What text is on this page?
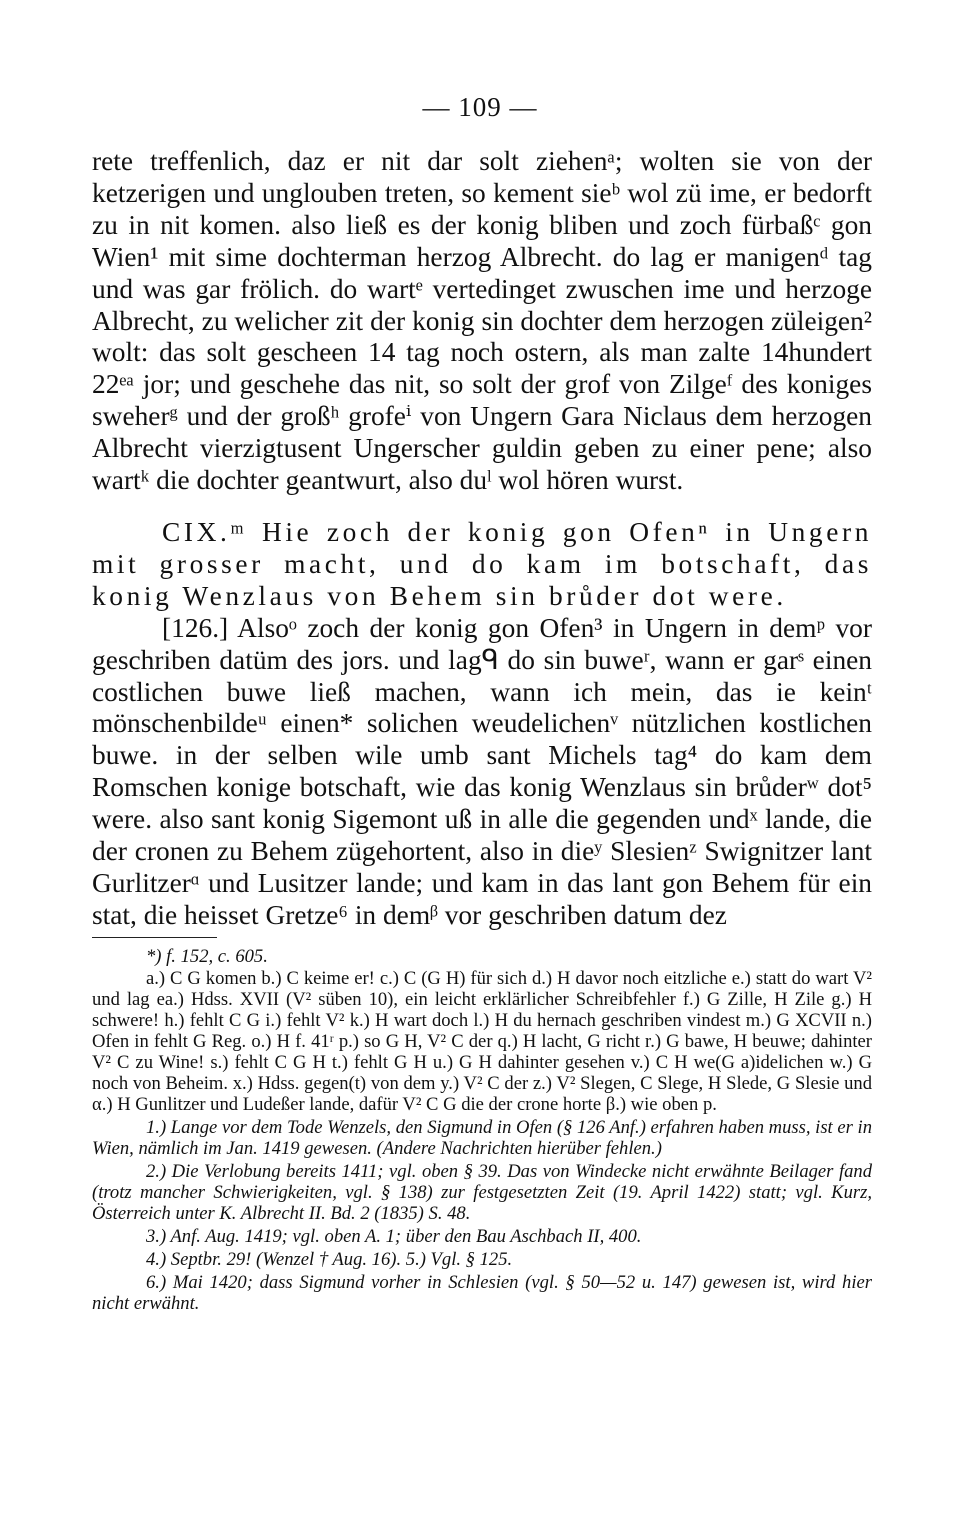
— 109 —

rete treffenlich, daz er nit dar solt ziehenᵃ; wolten sie von der ketzerigen und unglouben treten, so kement sieᵇ wol zü ime, er bedorft zu in nit komen. also ließ es der konig bliben und zoch fürbaßᶜ gon Wien¹ mit sime dochterman herzog Albrecht. do lag er manigenᵈ tag und was gar frölich. do wartᵉ vertedinget zwuschen ime und herzoge Albrecht, zu welicher zit der konig sin dochter dem herzogen züleigen² wolt: das solt gescheen 14 tag noch ostern, als man zalte 14hundert 22ᵉᵃ jor; und geschehe das nit, so solt der grof von Zilgeᶠ des koniges sweherᵍ und der großʰ grofeⁱ von Ungern Gara Niclaus dem herzogen Albrecht vierzigtusent Ungerscher guldin geben zu einer pene; also wartᵏ die dochter geantwurt, also duˡ wol hören wurst.

CIX.ᵐ Hie zoch der konig gon Ofenⁿ in Ungern mit grosser macht, und do kam im botschaft, das konig Wenzlaus von Behem sin brůder dot were.

[126.] Alsoᵒ zoch der konig gon Ofen³ in Ungern in demᵖ vor geschriben datüm des jors. und lagᑫ do sin buweʳ, wann er garˢ einen costlichen buwe ließ machen, wann ich mein, das ie keinᵗ mönschenbildeᵘ einen* solichen weudelichenᵛ nützlichen kostlichen buwe. in der selben wile umb sant Michels tag⁴ do kam dem Romschen konige botschaft, wie das konig Wenzlaus sin brůderʷ dot⁵ were. also sant konig Sigemont uß in alle die gegenden undˣ lande, die der cronen zu Behem zügehortent, also in dieʸ Slesienᶻ Swignitzer lant Gurlitzerᵅ und Lusitzer lande; und kam in das lant gon Behem für ein stat, die heisset Gretze⁶ in demᵝ vor geschriben datum dez

*) f. 152, c. 605.

a.) C G komen b.) C keime er! c.) C (G H) für sich d.) H davor noch eitzliche e.) statt do wart V² und lag ea.) Hdss. XVII (V² süben 10), ein leicht erklärlicher Schreibfehler f.) G Zille, H Zile g.) H schwere! h.) fehlt C G i.) fehlt V² k.) H wart doch l.) H du hernach geschriben vindest m.) G XCVII n.) Ofen in fehlt G Reg. o.) H f. 41ʳ p.) so G H, V² C der q.) H lacht, G richt r.) G bawe, H beuwe; dahinter V² C zu Wine! s.) fehlt C G H t.) fehlt G H u.) G H dahinter gesehen v.) C H we(G a)idelichen w.) G noch von Beheim. x.) Hdss. gegen(t) von dem y.) V² C der z.) V² Slegen, C Slege, H Slede, G Slesie und α.) H Gunlitzer und Ludeßer lande, dafür V² C G die der crone horte β.) wie oben p.

1.) Lange vor dem Tode Wenzels, den Sigmund in Ofen (§ 126 Anf.) erfahren haben muss, ist er in Wien, nämlich im Jan. 1419 gewesen. (Andere Nachrichten hierüber fehlen.)

2.) Die Verlobung bereits 1411; vgl. oben § 39. Das von Windecke nicht erwähnte Beilager fand (trotz mancher Schwierigkeiten, vgl. § 138) zur festgesetzten Zeit (19. April 1422) statt; vgl. Kurz, Österreich unter K. Albrecht II. Bd. 2 (1835) S. 48.

3.) Anf. Aug. 1419; vgl. oben A. 1; über den Bau Aschbach II, 400.

4.) Septbr. 29! (Wenzel † Aug. 16). 5.) Vgl. § 125.

6.) Mai 1420; dass Sigmund vorher in Schlesien (vgl. § 50—52 u. 147) gewesen ist, wird hier nicht erwähnt.
